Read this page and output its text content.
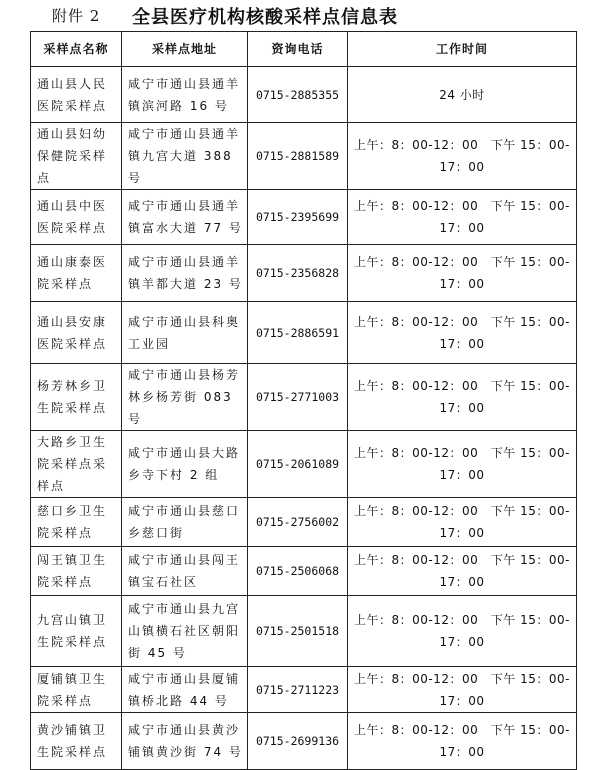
附件 2 全县医疗机构核酸采样点信息表
采样点名称	采样点地址	资询电话	工作时间
通山县人民医院采样点	咸宁市通山县通羊镇滨河路 16 号	0715-2885355	24 小时
通山县妇幼保健院采样点	咸宁市通山县通羊镇九宫大道 388 号	0715-2881589	上午：8：00-12：00　下午 15：00-17：00
通山县中医医院采样点	咸宁市通山县通羊镇富水大道 77 号	0715-2395699	上午：8：00-12：00　下午 15：00-17：00
通山康泰医院采样点	咸宁市通山县通羊镇羊都大道 23 号	0715-2356828	上午：8：00-12：00　下午 15：00-17：00
通山县安康医院采样点	咸宁市通山县科奥工业园	0715-2886591	上午：8：00-12：00　下午 15：00-17：00
杨芳林乡卫生院采样点	咸宁市通山县杨芳林乡杨芳街 083 号	0715-2771003	上午：8：00-12：00　下午 15：00-17：00
大路乡卫生院采样点采样点	咸宁市通山县大路乡寺下村 2 组	0715-2061089	上午：8：00-12：00　下午 15：00-17：00
慈口乡卫生院采样点	咸宁市通山县慈口乡慈口街	0715-2756002	上午：8：00-12：00　下午 15：00-17：00
闯王镇卫生院采样点	咸宁市通山县闯王镇宝石社区	0715-2506068	上午：8：00-12：00　下午 15：00-17：00
九宫山镇卫生院采样点	咸宁市通山县九宫山镇横石社区朝阳街 45 号	0715-2501518	上午：8：00-12：00　下午 15：00-17：00
厦铺镇卫生院采样点	咸宁市通山县厦铺镇桥北路 44 号	0715-2711223	上午：8：00-12：00　下午 15：00-17：00
黄沙铺镇卫生院采样点	咸宁市通山县黄沙铺镇黄沙街 74 号	0715-2699136	上午：8：00-12：00　下午 15：00-17：00
